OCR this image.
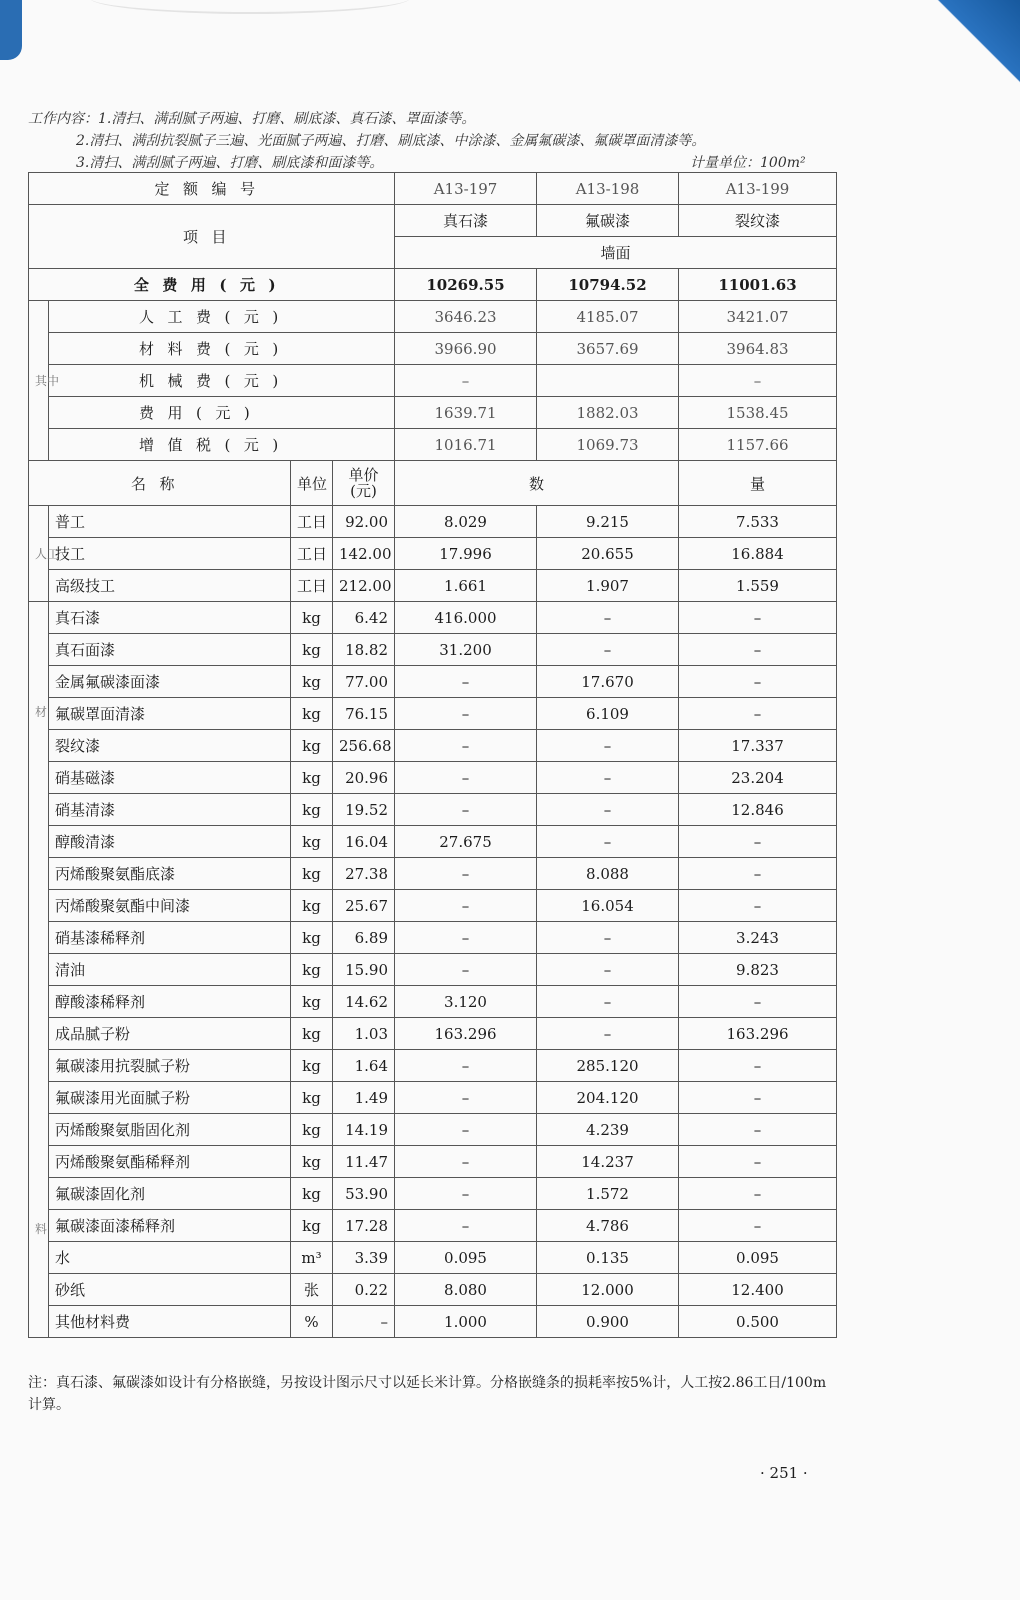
工作内容：1.清扫、满刮腻子两遍、打磨、刷底漆、真石漆、罩面漆等。
2.清扫、满刮抗裂腻子三遍、光面腻子两遍、打磨、刷底漆、中涂漆、金属氟碳漆、氟碳罩面清漆等。
3.清扫、满刮腻子两遍、打磨、刷底漆和面漆等。	计量单位：100m²
定额编号				A13-197	A13-198	A13-199
项目				真石漆	氟碳漆	裂纹漆
				墙面		
全费用(元)				10269.55	10794.52	11001.63
其中	人工费(元)			3646.23	4185.07	3421.07
	材料费(元)			3966.90	3657.69	3964.83
	机械费(元)			–		–
	费用(元)			1639.71	1882.03	1538.45
	增值税(元)			1016.71	1069.73	1157.66
名称		单位	单价(元)	数		量

人工	普工	工日	92.00	8.029	9.215	7.533
	技工	工日	142.00	17.996	20.655	16.884
	高级技工	工日	212.00	1.661	1.907	1.559

材
料	真石漆	kg	6.42	416.000	–	–
	真石面漆	kg	18.82	31.200	–	–
	金属氟碳漆面漆	kg	77.00	–	17.670	–
	氟碳罩面清漆	kg	76.15	–	6.109	–
	裂纹漆	kg	256.68	–	–	17.337
	硝基磁漆	kg	20.96	–	–	23.204
	硝基清漆	kg	19.52	–	–	12.846
	醇酸清漆	kg	16.04	27.675	–	–
	丙烯酸聚氨酯底漆	kg	27.38	–	8.088	–
	丙烯酸聚氨酯中间漆	kg	25.67	–	16.054	–
	硝基漆稀释剂	kg	6.89	–	–	3.243
	清油	kg	15.90	–	–	9.823
	醇酸漆稀释剂	kg	14.62	3.120	–	–
	成品腻子粉	kg	1.03	163.296	–	163.296
	氟碳漆用抗裂腻子粉	kg	1.64	–	285.120	–
	氟碳漆用光面腻子粉	kg	1.49	–	204.120	–
	丙烯酸聚氨脂固化剂	kg	14.19	–	4.239	–
	丙烯酸聚氨酯稀释剂	kg	11.47	–	14.237	–
	氟碳漆固化剂	kg	53.90	–	1.572	–
	氟碳漆面漆稀释剂	kg	17.28	–	4.786	–
	水	m³	3.39	0.095	0.135	0.095
	砂纸	张	0.22	8.080	12.000	12.400
	其他材料费	%	–	1.000	0.900	0.500
注：真石漆、氟碳漆如设计有分格嵌缝，另按设计图示尺寸以延长米计算。分格嵌缝条的损耗率按5%计，人工按2.86工日/100m计算。
· 251 ·
